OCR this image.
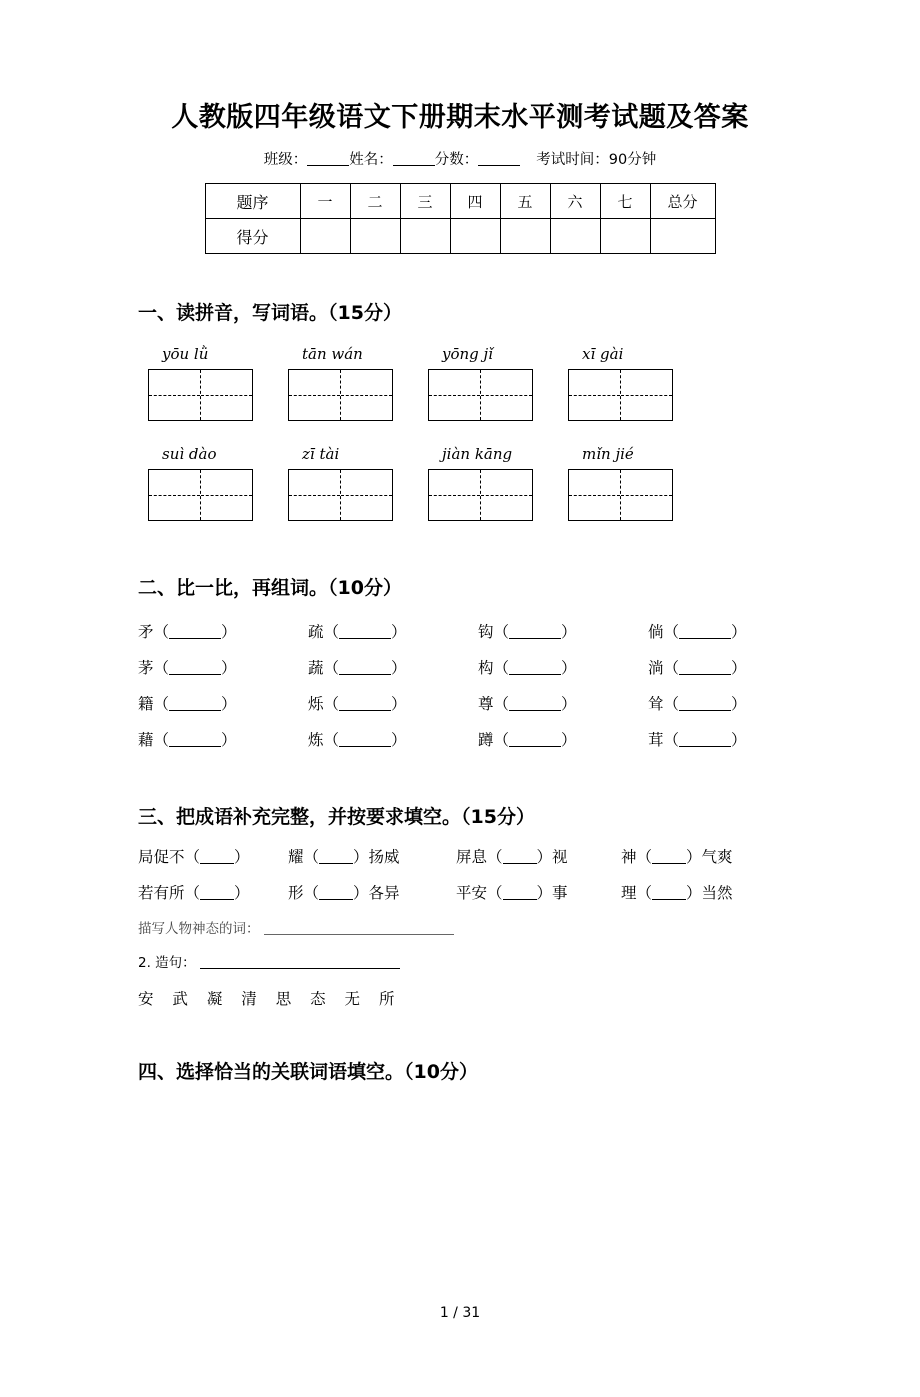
人教版四年级语文下册期末水平测考试题及答案
班级：	姓名：	分数：	考试时间：90分钟
题序	一	二	三	四	五	六	七	总分
得分								
一、读拼音，写词语。（15分）
yōu lǜ	tān wán	yōng jǐ	xī gài
suì dào	zī tài	jiàn kāng	mǐn jié
二、比一比，再组词。（10分）
矛（	）	疏（	）	钩（	）	倘（	）
茅（	）	蔬（	）	构（	）	淌（	）
籍（	）	烁（	）	尊（	）	耸（	）
藉（	）	炼（	）	蹲（	）	茸（	）
三、把成语补充完整，并按要求填空。（15分）
局促不（ ）	耀（ ）扬威	屏息（ ）视	神（ ）气爽
若有所（ ）	形（ ）各异	平安（ ）事	理（ ）当然
描写人物神态的词：
2. 造句：
安 武 凝 清 思 态 无 所
四、选择恰当的关联词语填空。（10分）
1 / 31
